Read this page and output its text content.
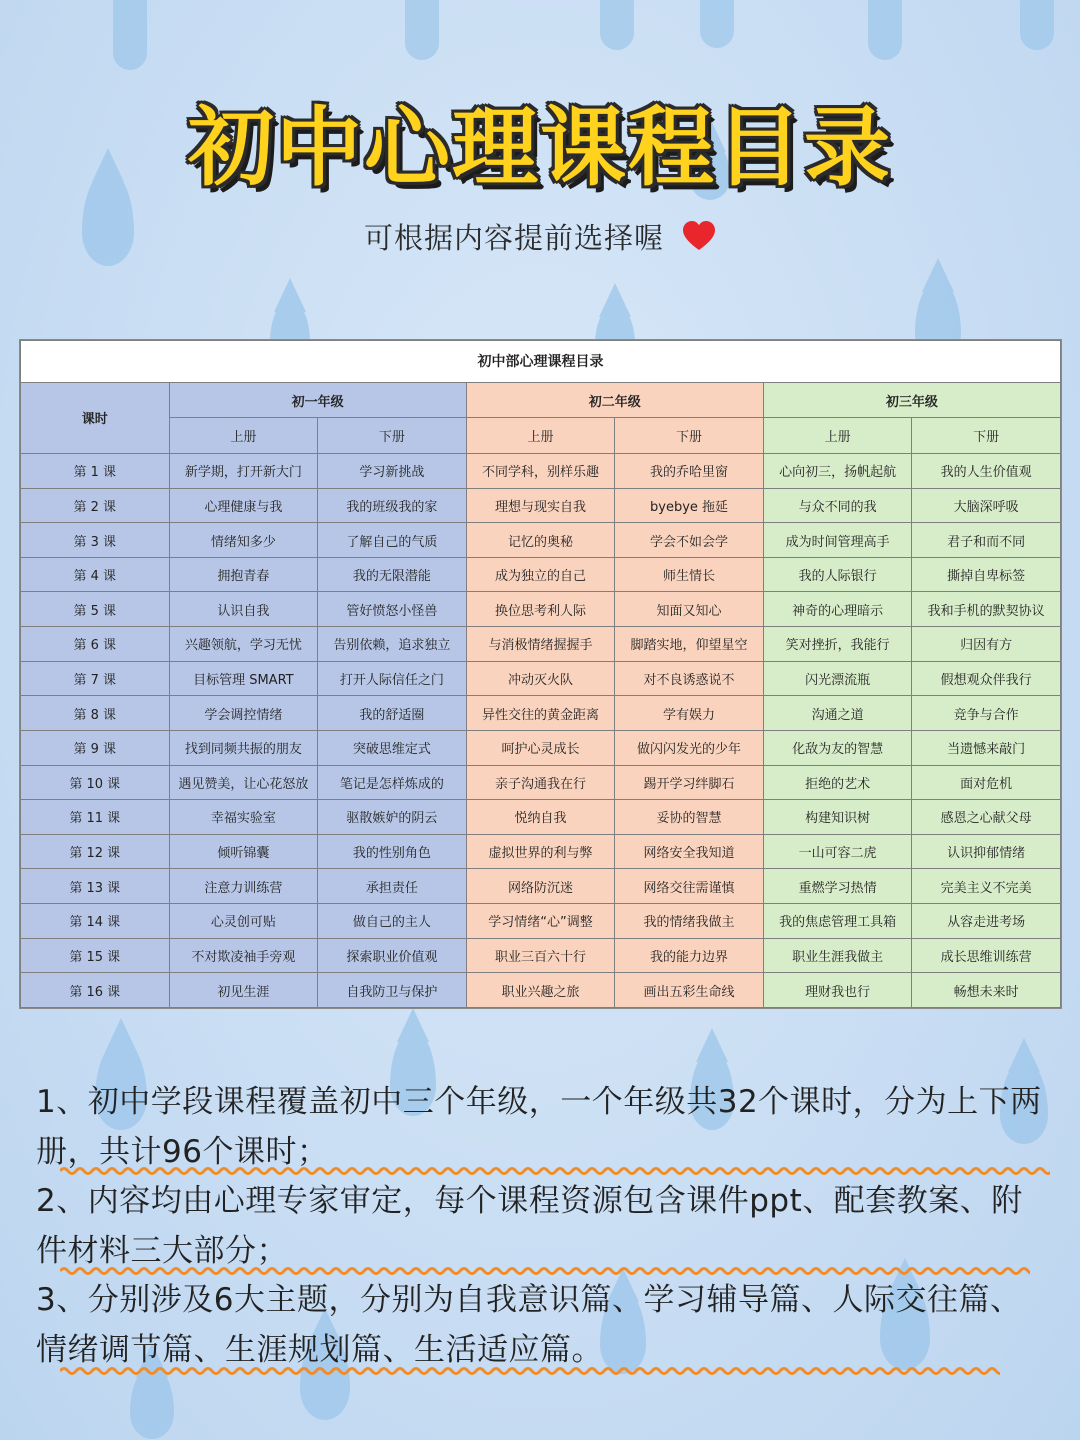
初中心理课程目录
可根据内容提前选择喔
初中部心理课程目录						
课时	初一年级		初二年级		初三年级	
	上册	下册	上册	下册	上册	下册
第 1 课	新学期，打开新大门	学习新挑战	不同学科，别样乐趣	我的乔哈里窗	心向初三，扬帆起航	我的人生价值观
第 2 课	心理健康与我	我的班级我的家	理想与现实自我	byebye 拖延	与众不同的我	大脑深呼吸
第 3 课	情绪知多少	了解自己的气质	记忆的奥秘	学会不如会学	成为时间管理高手	君子和而不同
第 4 课	拥抱青春	我的无限潜能	成为独立的自己	师生情长	我的人际银行	撕掉自卑标签
第 5 课	认识自我	管好愤怒小怪兽	换位思考利人际	知面又知心	神奇的心理暗示	我和手机的默契协议
第 6 课	兴趣领航，学习无忧	告别依赖，追求独立	与消极情绪握握手	脚踏实地，仰望星空	笑对挫折，我能行	归因有方
第 7 课	目标管理 SMART	打开人际信任之门	冲动灭火队	对不良诱惑说不	闪光漂流瓶	假想观众伴我行
第 8 课	学会调控情绪	我的舒适圈	异性交往的黄金距离	学有娱力	沟通之道	竞争与合作
第 9 课	找到同频共振的朋友	突破思维定式	呵护心灵成长	做闪闪发光的少年	化敌为友的智慧	当遗憾来敲门
第 10 课	遇见赞美，让心花怒放	笔记是怎样炼成的	亲子沟通我在行	踢开学习绊脚石	拒绝的艺术	面对危机
第 11 课	幸福实验室	驱散嫉妒的阴云	悦纳自我	妥协的智慧	构建知识树	感恩之心献父母
第 12 课	倾听锦囊	我的性别角色	虚拟世界的利与弊	网络安全我知道	一山可容二虎	认识抑郁情绪
第 13 课	注意力训练营	承担责任	网络防沉迷	网络交往需谨慎	重燃学习热情	完美主义不完美
第 14 课	心灵创可贴	做自己的主人	学习情绪“心”调整	我的情绪我做主	我的焦虑管理工具箱	从容走进考场
第 15 课	不对欺凌袖手旁观	探索职业价值观	职业三百六十行	我的能力边界	职业生涯我做主	成长思维训练营
第 16 课	初见生涯	自我防卫与保护	职业兴趣之旅	画出五彩生命线	理财我也行	畅想未来时

1、初中学段课程覆盖初中三个年级，一个年级共32个课时，分为上下两册，共计96个课时；

2、内容均由心理专家审定，每个课程资源包含课件ppt、配套教案、附件材料三大部分；

3、分别涉及6大主题，分别为自我意识篇、学习辅导篇、人际交往篇、情绪调节篇、生涯规划篇、生活适应篇。
